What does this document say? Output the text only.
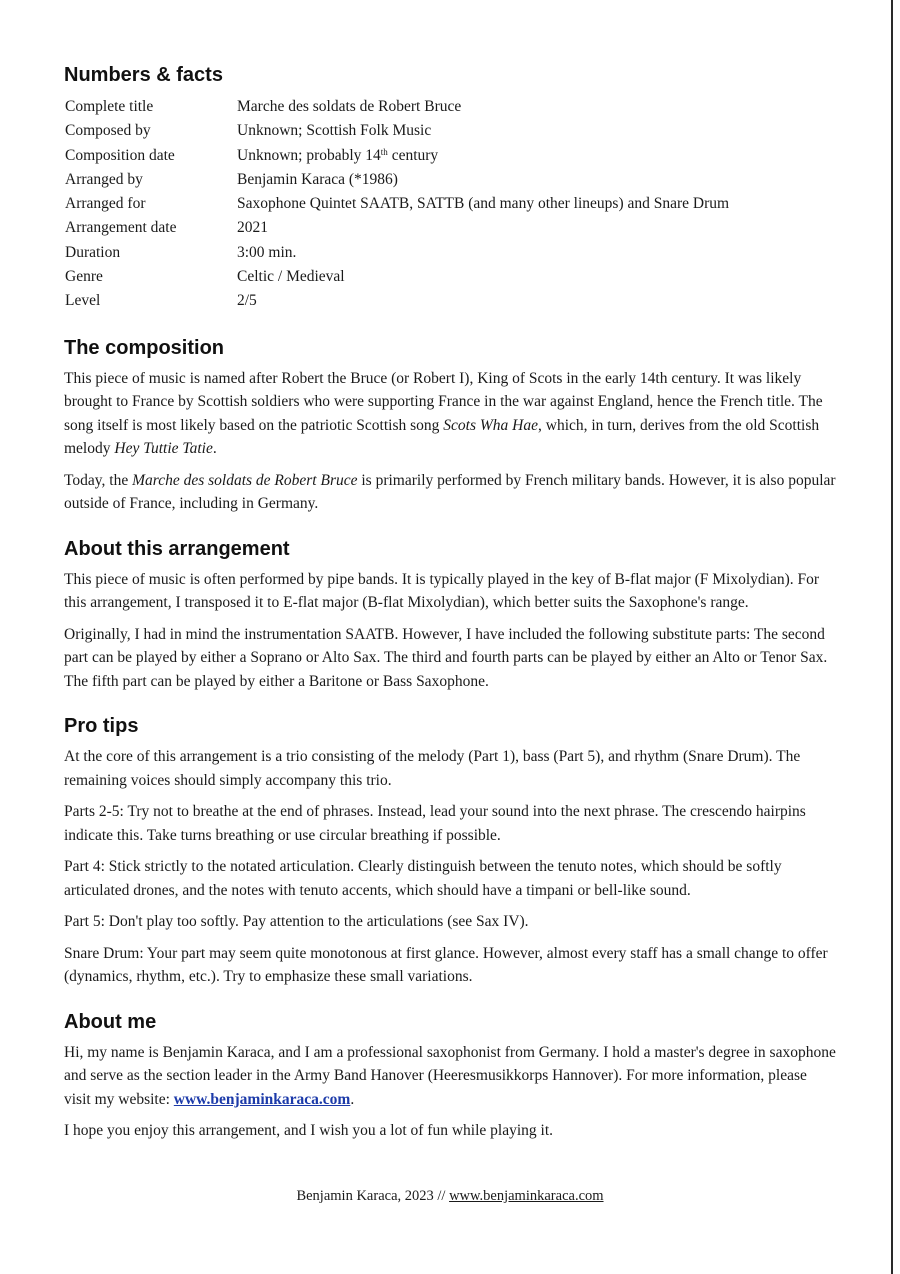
Numbers & facts
Complete title	Marche des soldats de Robert Bruce
Composed by	Unknown; Scottish Folk Music
Composition date	Unknown; probably 14th century
Arranged by	Benjamin Karaca (*1986)
Arranged for	Saxophone Quintet SAATB, SATTB (and many other lineups) and Snare Drum
Arrangement date	2021
Duration	3:00 min.
Genre	Celtic / Medieval
Level	2/5
The composition

This piece of music is named after Robert the Bruce (or Robert I), King of Scots in the early 14th century. It was likely brought to France by Scottish soldiers who were supporting France in the war against England, hence the French title. The song itself is most likely based on the patriotic Scottish song Scots Wha Hae, which, in turn, derives from the old Scottish melody Hey Tuttie Tatie.

Today, the Marche des soldats de Robert Bruce is primarily performed by French military bands. However, it is also popular outside of France, including in Germany.

About this arrangement

This piece of music is often performed by pipe bands. It is typically played in the key of B-flat major (F Mixolydian). For this arrangement, I transposed it to E-flat major (B-flat Mixolydian), which better suits the Saxophone's range.

Originally, I had in mind the instrumentation SAATB. However, I have included the following substitute parts: The second part can be played by either a Soprano or Alto Sax. The third and fourth parts can be played by either an Alto or Tenor Sax. The fifth part can be played by either a Baritone or Bass Saxophone.

Pro tips

At the core of this arrangement is a trio consisting of the melody (Part 1), bass (Part 5), and rhythm (Snare Drum). The remaining voices should simply accompany this trio.

Parts 2-5: Try not to breathe at the end of phrases. Instead, lead your sound into the next phrase. The crescendo hairpins indicate this. Take turns breathing or use circular breathing if possible.

Part 4: Stick strictly to the notated articulation. Clearly distinguish between the tenuto notes, which should be softly articulated drones, and the notes with tenuto accents, which should have a timpani or bell-like sound.

Part 5: Don't play too softly. Pay attention to the articulations (see Sax IV).

Snare Drum: Your part may seem quite monotonous at first glance. However, almost every staff has a small change to offer (dynamics, rhythm, etc.). Try to emphasize these small variations.

About me

Hi, my name is Benjamin Karaca, and I am a professional saxophonist from Germany. I hold a master's degree in saxophone and serve as the section leader in the Army Band Hanover (Heeresmusikkorps Hannover). For more information, please visit my website: www.benjaminkaraca.com.

I hope you enjoy this arrangement, and I wish you a lot of fun while playing it.

Benjamin Karaca, 2023 // www.benjaminkaraca.com
